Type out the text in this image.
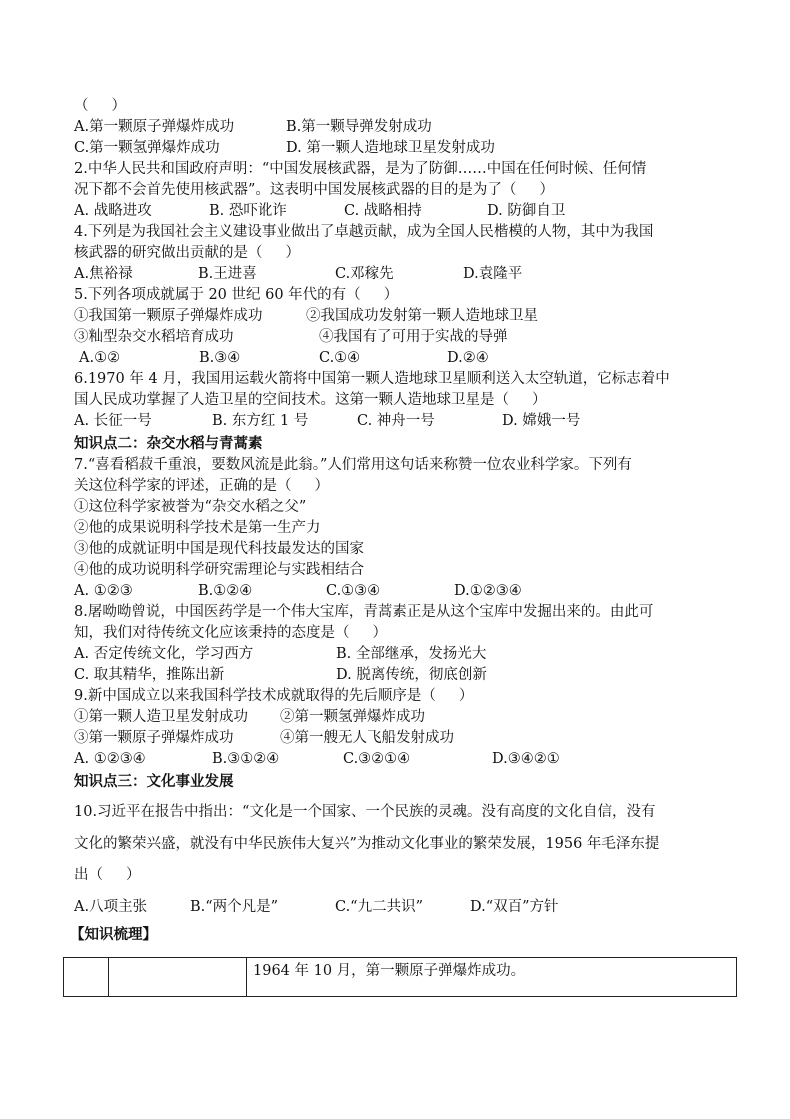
（     ）
A.第一颗原子弹爆炸成功	B.第一颗导弹发射成功
C.第一颗氢弹爆炸成功	D. 第一颗人造地球卫星发射成功
2.中华人民共和国政府声明：“中国发展核武器，是为了防御……中国在任何时候、任何情
况下都不会首先使用核武器”。这表明中国发展核武器的目的是为了（     ）
A. 战略进攻	B. 恐吓讹诈	C. 战略相持	D. 防御自卫
4.下列是为我国社会主义建设事业做出了卓越贡献，成为全国人民楷模的人物，其中为我国
核武器的研究做出贡献的是（     ）
A.焦裕禄	B.王进喜	C.邓稼先	D.袁隆平
5.下列各项成就属于 20 世纪 60 年代的有（     ）
①我国第一颗原子弹爆炸成功	②我国成功发射第一颗人造地球卫星
③籼型杂交水稻培育成功	④我国有了可用于实战的导弹
A.①②	B.③④	C.①④	D.②④
6.1970 年 4 月，我国用运载火箭将中国第一颗人造地球卫星顺利送入太空轨道，它标志着中
国人民成功掌握了人造卫星的空间技术。这第一颗人造地球卫星是（     ）
A. 长征一号	B. 东方红 1 号	C. 神舟一号	D. 嫦娥一号
知识点二：杂交水稻与青蒿素
7.“喜看稻菽千重浪，要数风流是此翁。”人们常用这句话来称赞一位农业科学家。下列有
关这位科学家的评述，正确的是（     ）
①这位科学家被誉为“杂交水稻之父”
②他的成果说明科学技术是第一生产力
③他的成就证明中国是现代科技最发达的国家
④他的成功说明科学研究需理论与实践相结合
A. ①②③	B.①②④	C.①③④	D.①②③④
8.屠呦呦曾说，中国医药学是一个伟大宝库，青蒿素正是从这个宝库中发掘出来的。由此可
知，我们对待传统文化应该秉持的态度是（     ）
A. 否定传统文化，学习西方	B. 全部继承，发扬光大
C. 取其精华，推陈出新	D. 脱离传统，彻底创新
9.新中国成立以来我国科学技术成就取得的先后顺序是（     ）
①第一颗人造卫星发射成功	②第一颗氢弹爆炸成功
③第一颗原子弹爆炸成功	④第一艘无人飞船发射成功
A. ①②③④	B.③①②④	C.③②①④	D.③④②①
知识点三：文化事业发展
10.习近平在报告中指出：“文化是一个国家、一个民族的灵魂。没有高度的文化自信，没有
文化的繁荣兴盛，就没有中华民族伟大复兴”为推动文化事业的繁荣发展，1956 年毛泽东提
出（     ）
A.八项主张	B.“两个凡是”	C.“九二共识”	D.“双百”方针
【知识梳理】
		1964 年 10 月，第一颗原子弹爆炸成功。
